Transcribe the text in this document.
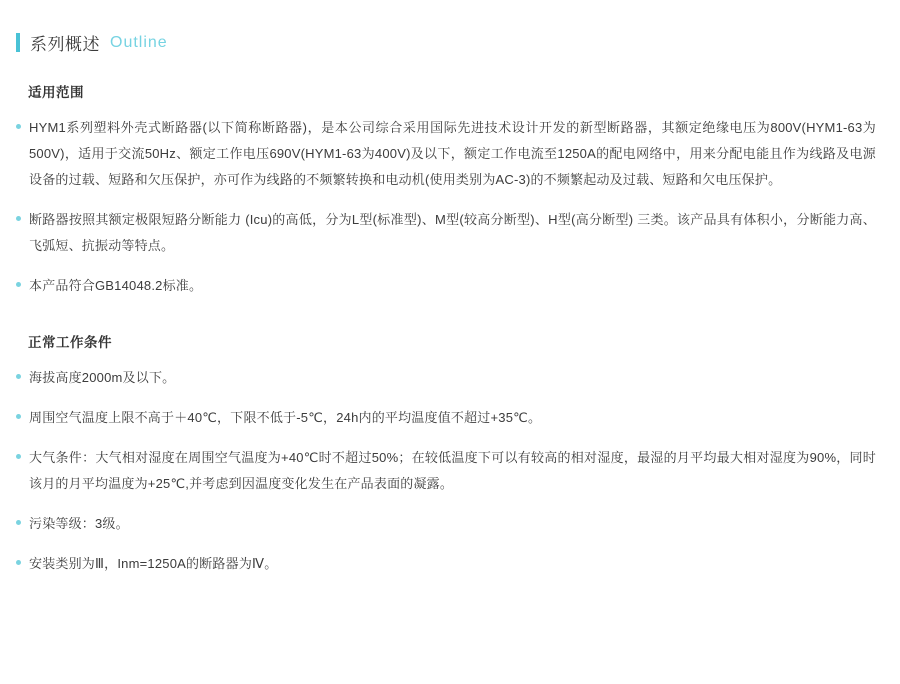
系列概述 Outline
适用范围
HYM1系列塑料外壳式断路器(以下简称断路器)，是本公司综合采用国际先进技术设计开发的新型断路器，其额定绝缘电压为800V(HYM1-63为500V)，适用于交流50Hz、额定工作电压690V(HYM1-63为400V)及以下，额定工作电流至1250A的配电网络中，用来分配电能且作为线路及电源设备的过载、短路和欠压保护，亦可作为线路的不频繁转换和电动机(使用类别为AC-3)的不频繁起动及过载、短路和欠电压保护。
断路器按照其额定极限短路分断能力 (Icu)的高低，分为L型(标准型)、M型(较高分断型)、H型(高分断型) 三类。该产品具有体积小，分断能力高、飞弧短、抗振动等特点。
本产品符合GB14048.2标准。
正常工作条件
海拔高度2000m及以下。
周围空气温度上限不高于＋40℃，下限不低于-5℃，24h内的平均温度值不超过+35℃。
大气条件：大气相对湿度在周围空气温度为+40℃时不超过50%；在较低温度下可以有较高的相对湿度，最湿的月平均最大相对湿度为90%，同时该月的月平均温度为+25℃,并考虑到因温度变化发生在产品表面的凝露。
污染等级：3级。
安装类别为Ⅲ，Inm=1250A的断路器为Ⅳ。
